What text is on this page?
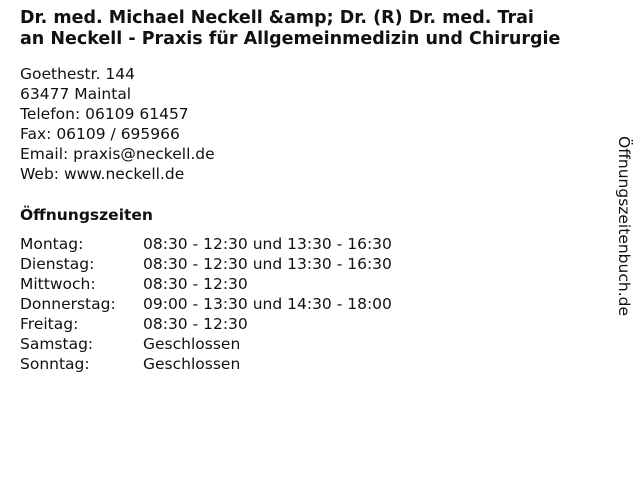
Dr. med. Michael Neckell &amp; Dr. (R) Dr. med. Trai
an Neckell - Praxis für Allgemeinmedizin und Chirurgie
Goethestr. 144
63477 Maintal
Telefon: 06109 61457
Fax: 06109 / 695966
Email: praxis@neckell.de
Web: www.neckell.de
Öffnungszeiten
Montag:	08:30 - 12:30 und 13:30 - 16:30
Dienstag:	08:30 - 12:30 und 13:30 - 16:30
Mittwoch:	08:30 - 12:30
Donnerstag:	09:00 - 13:30 und 14:30 - 18:00
Freitag:	08:30 - 12:30
Samstag:	Geschlossen
Sonntag:	Geschlossen
Öffnungszeitenbuch.de
